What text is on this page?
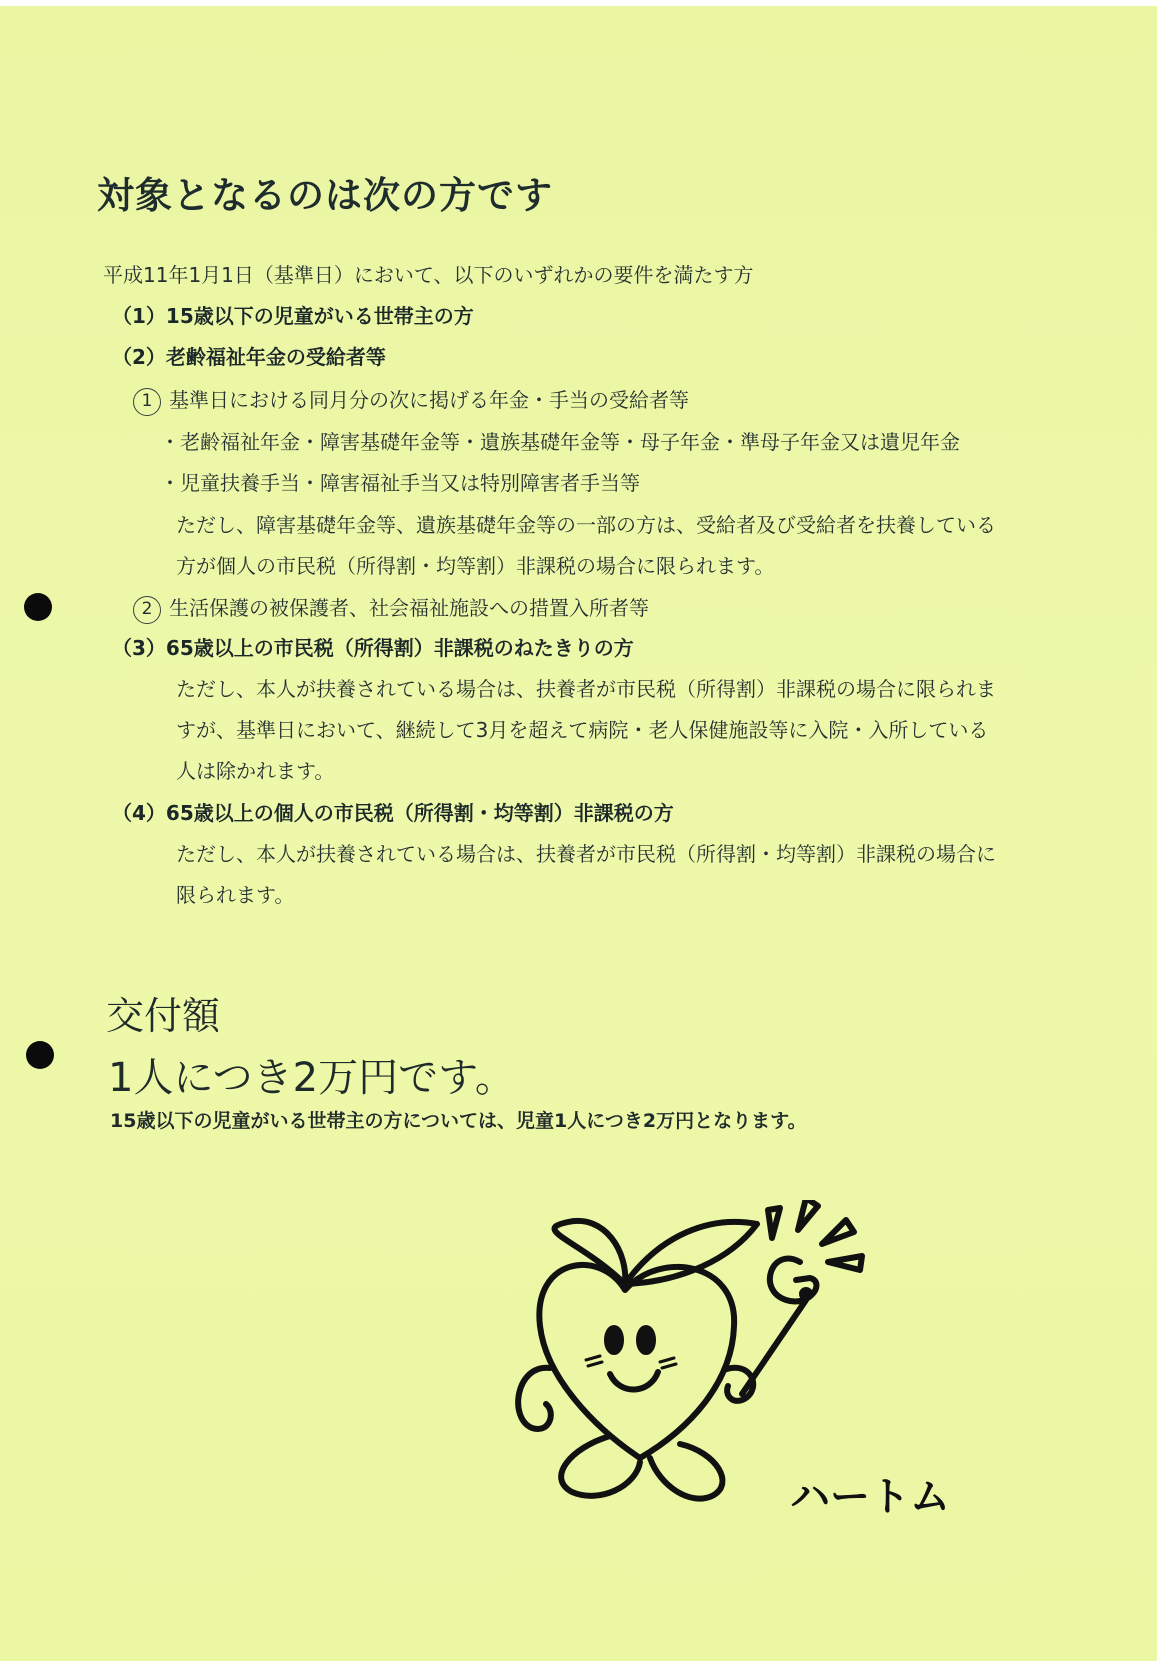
対象となるのは次の方です
平成11年1月1日（基準日）において、以下のいずれかの要件を満たす方
（1）15歳以下の児童がいる世帯主の方
（2）老齢福祉年金の受給者等
1 基準日における同月分の次に掲げる年金・手当の受給者等
・老齢福祉年金・障害基礎年金等・遺族基礎年金等・母子年金・準母子年金又は遺児年金
・児童扶養手当・障害福祉手当又は特別障害者手当等
ただし、障害基礎年金等、遺族基礎年金等の一部の方は、受給者及び受給者を扶養している
方が個人の市民税（所得割・均等割）非課税の場合に限られます。
2 生活保護の被保護者、社会福祉施設への措置入所者等
（3）65歳以上の市民税（所得割）非課税のねたきりの方
ただし、本人が扶養されている場合は、扶養者が市民税（所得割）非課税の場合に限られま
すが、基準日において、継続して3月を超えて病院・老人保健施設等に入院・入所している
人は除かれます。
（4）65歳以上の個人の市民税（所得割・均等割）非課税の方
ただし、本人が扶養されている場合は、扶養者が市民税（所得割・均等割）非課税の場合に
限られます。
交付額
1人につき2万円です。
15歳以下の児童がいる世帯主の方については、児童1人につき2万円となります。
ハートム
